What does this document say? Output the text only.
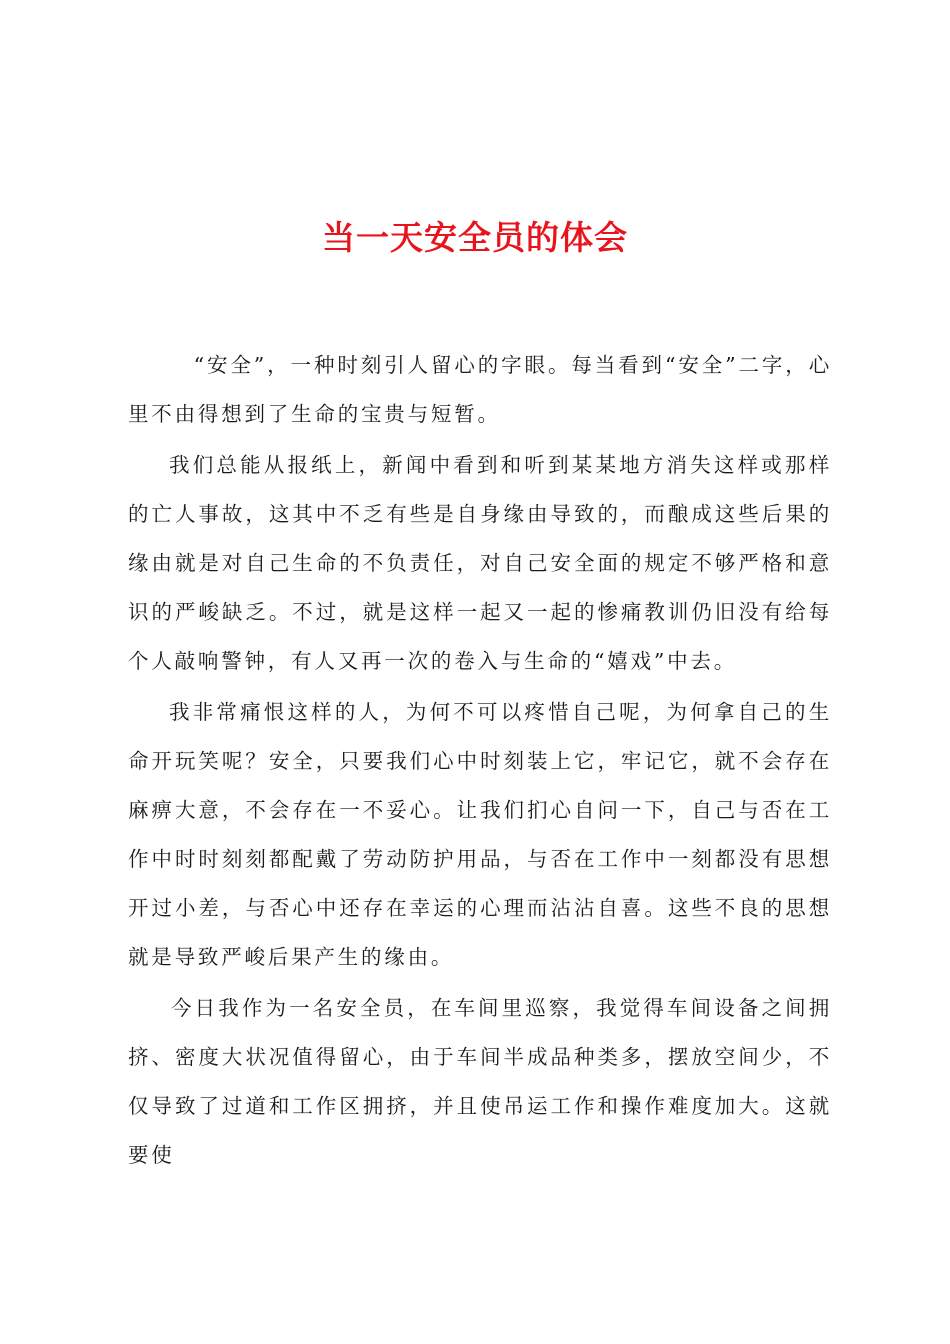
当一天安全员的体会

“安全”，一种时刻引人留心的字眼。每当看到“安全”二字，心里不由得想到了生命的宝贵与短暂。

我们总能从报纸上，新闻中看到和听到某某地方消失这样或那样的亡人事故，这其中不乏有些是自身缘由导致的，而酿成这些后果的缘由就是对自己生命的不负责任，对自己安全面的规定不够严格和意识的严峻缺乏。不过，就是这样一起又一起的惨痛教训仍旧没有给每个人敲响警钟，有人又再一次的卷入与生命的“嬉戏”中去。

我非常痛恨这样的人，为何不可以疼惜自己呢，为何拿自己的生命开玩笑呢？安全，只要我们心中时刻装上它，牢记它，就不会存在麻痹大意，不会存在一不妥心。让我们扪心自问一下，自己与否在工作中时时刻刻都配戴了劳动防护用品，与否在工作中一刻都没有思想开过小差，与否心中还存在幸运的心理而沾沾自喜。这些不良的思想就是导致严峻后果产生的缘由。

今日我作为一名安全员，在车间里巡察，我觉得车间设备之间拥挤、密度大状况值得留心，由于车间半成品种类多，摆放空间少，不仅导致了过道和工作区拥挤，并且使吊运工作和操作难度加大。这就要使
